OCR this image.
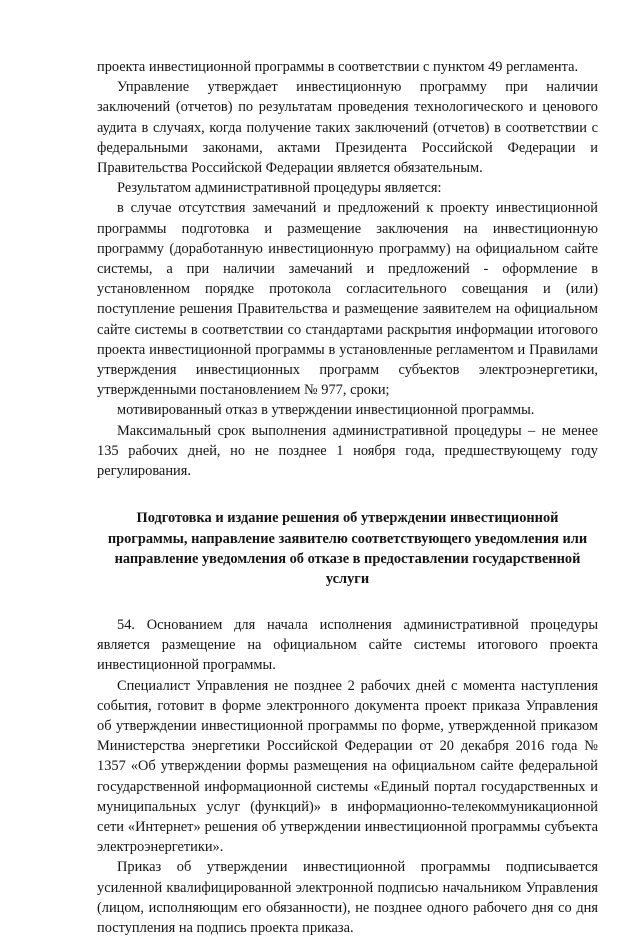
проекта инвестиционной программы в соответствии с пунктом 49 регламента.

Управление утверждает инвестиционную программу при наличии заключений (отчетов) по результатам проведения технологического и ценового аудита в случаях, когда получение таких заключений (отчетов) в соответствии с федеральными законами, актами Президента Российской Федерации и Правительства Российской Федерации является обязательным.

Результатом административной процедуры является:

в случае отсутствия замечаний и предложений к проекту инвестиционной программы подготовка и размещение заключения на инвестиционную программу (доработанную инвестиционную программу) на официальном сайте системы, а при наличии замечаний и предложений - оформление в установленном порядке протокола согласительного совещания и (или) поступление решения Правительства и размещение заявителем на официальном сайте системы в соответствии со стандартами раскрытия информации итогового проекта инвестиционной программы в установленные регламентом и Правилами утверждения инвестиционных программ субъектов электроэнергетики, утвержденными постановлением № 977, сроки;

мотивированный отказ в утверждении инвестиционной программы.

Максимальный срок выполнения административной процедуры – не менее 135 рабочих дней, но не позднее 1 ноября года, предшествующему году регулирования.

Подготовка и издание решения об утверждении инвестиционной программы, направление заявителю соответствующего уведомления или направление уведомления об отказе в предоставлении государственной услуги

54. Основанием для начала исполнения административной процедуры является размещение на официальном сайте системы итогового проекта инвестиционной программы.

Специалист Управления не позднее 2 рабочих дней с момента наступления события, готовит в форме электронного документа проект приказа Управления об утверждении инвестиционной программы по форме, утвержденной приказом Министерства энергетики Российской Федерации от 20 декабря 2016 года № 1357 «Об утверждении формы размещения на официальном сайте федеральной государственной информационной системы «Единый портал государственных и муниципальных услуг (функций)» в информационно-телекоммуникационной сети «Интернет» решения об утверждении инвестиционной программы субъекта электроэнергетики».

Приказ об утверждении инвестиционной программы подписывается усиленной квалифицированной электронной подписью начальником Управления (лицом, исполняющим его обязанности), не позднее одного рабочего дня со дня поступления на подпись проекта приказа.
